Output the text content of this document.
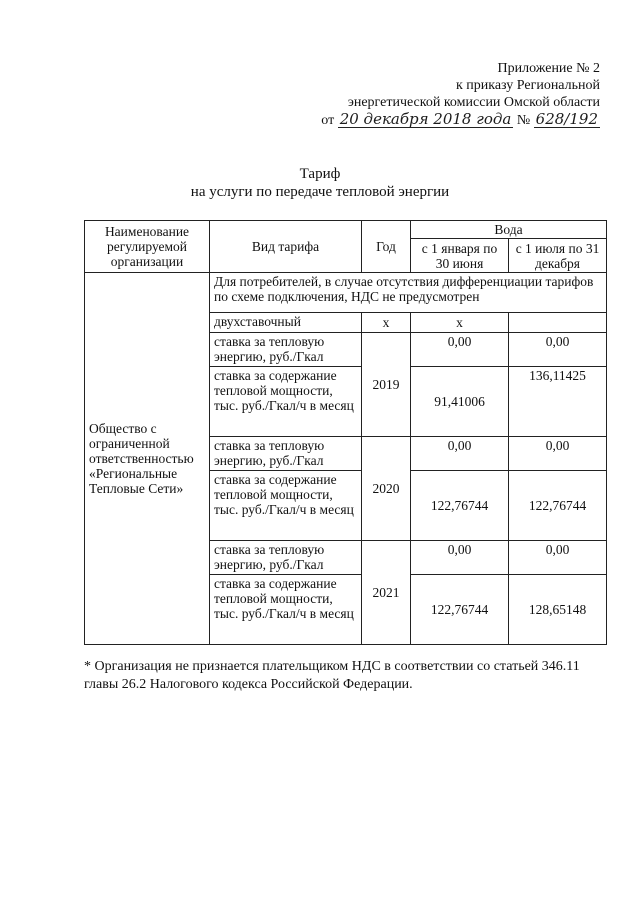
Приложение № 2
к приказу Региональной
энергетической комиссии Омской области
от 20 декабря 2018 года № 628/192
Тариф
на услуги по передаче тепловой энергии
Наименование регулируемой организации	Вид тарифа	Год	Вода	
			с 1 января по 30 июня	с 1 июля по 31 декабря
Общество с ограниченной ответственностью «Региональные Тепловые Сети»	Для потребителей, в случае отсутствия дифференциации тарифов по схеме подключения, НДС не предусмотрен			
	двухставочный	х	х	
	ставка за тепловую энергию, руб./Гкал	2019	0,00	0,00
	ставка за содержание тепловой мощности, тыс. руб./Гкал/ч в месяц		91,41006	136,11425
	ставка за тепловую энергию, руб./Гкал	2020	0,00	0,00
	ставка за содержание тепловой мощности, тыс. руб./Гкал/ч в месяц		122,76744	122,76744
	ставка за тепловую энергию, руб./Гкал	2021	0,00	0,00
	ставка за содержание тепловой мощности, тыс. руб./Гкал/ч в месяц		122,76744	128,65148
* Организация не признается плательщиком НДС в соответствии со статьей 346.11 главы 26.2 Налогового кодекса Российской Федерации.
